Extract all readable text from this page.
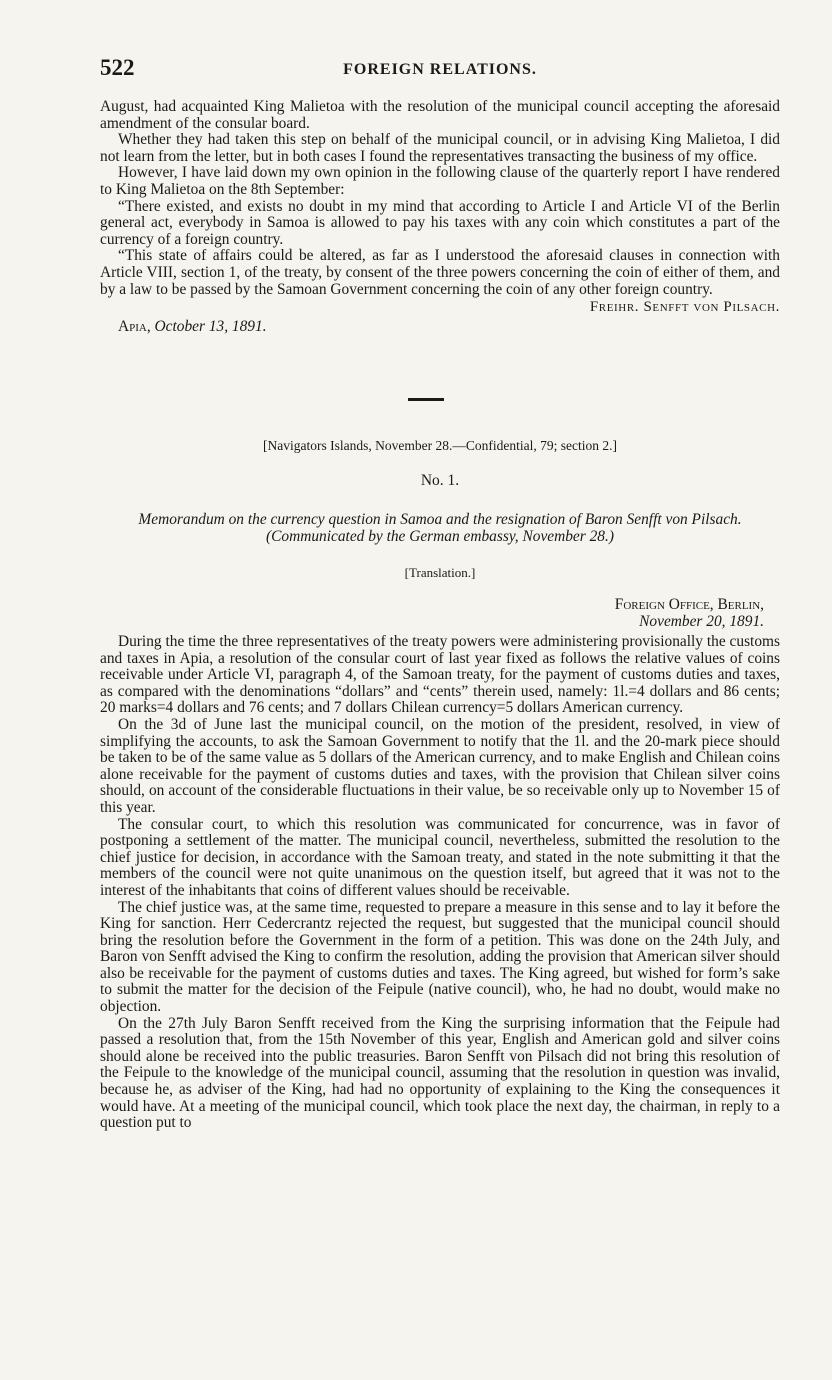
522	FOREIGN RELATIONS.

August, had acquainted King Malietoa with the resolution of the municipal council accepting the aforesaid amendment of the consular board.

Whether they had taken this step on behalf of the municipal council, or in advising King Malietoa, I did not learn from the letter, but in both cases I found the representatives transacting the business of my office.

However, I have laid down my own opinion in the following clause of the quarterly report I have rendered to King Malietoa on the 8th September:

“There existed, and exists no doubt in my mind that according to Article I and Article VI of the Berlin general act, everybody in Samoa is allowed to pay his taxes with any coin which constitutes a part of the currency of a foreign country.

“This state of affairs could be altered, as far as I understood the aforesaid clauses in connection with Article VIII, section 1, of the treaty, by consent of the three powers concerning the coin of either of them, and by a law to be passed by the Samoan Government concerning the coin of any other foreign country.

Freihr. Senfft von Pilsach.
Apia, October 13, 1891.
[Navigators Islands, November 28.—Confidential, 79; section 2.]
No. 1.
Memorandum on the currency question in Samoa and the resignation of Baron Senfft von Pilsach. (Communicated by the German embassy, November 28.)
[Translation.]
Foreign Office, Berlin,
November 20, 1891.

During the time the three representatives of the treaty powers were administering provisionally the customs and taxes in Apia, a resolution of the consular court of last year fixed as follows the relative values of coins receivable under Article VI, paragraph 4, of the Samoan treaty, for the payment of customs duties and taxes, as compared with the denominations “dollars” and “cents” therein used, namely: 1l.=4 dollars and 86 cents; 20 marks=4 dollars and 76 cents; and 7 dollars Chilean currency=5 dollars American currency.

On the 3d of June last the municipal council, on the motion of the president, resolved, in view of simplifying the accounts, to ask the Samoan Government to notify that the 1l. and the 20-mark piece should be taken to be of the same value as 5 dollars of the American currency, and to make English and Chilean coins alone receivable for the payment of customs duties and taxes, with the provision that Chilean silver coins should, on account of the considerable fluctuations in their value, be so receivable only up to November 15 of this year.

The consular court, to which this resolution was communicated for concurrence, was in favor of postponing a settlement of the matter. The municipal council, nevertheless, submitted the resolution to the chief justice for decision, in accordance with the Samoan treaty, and stated in the note submitting it that the members of the council were not quite unanimous on the question itself, but agreed that it was not to the interest of the inhabitants that coins of different values should be receivable.

The chief justice was, at the same time, requested to prepare a measure in this sense and to lay it before the King for sanction. Herr Cedercrantz rejected the request, but suggested that the municipal council should bring the resolution before the Government in the form of a petition. This was done on the 24th July, and Baron von Senfft advised the King to confirm the resolution, adding the provision that American silver should also be receivable for the payment of customs duties and taxes. The King agreed, but wished for form’s sake to submit the matter for the decision of the Feipule (native council), who, he had no doubt, would make no objection.

On the 27th July Baron Senfft received from the King the surprising information that the Feipule had passed a resolution that, from the 15th November of this year, English and American gold and silver coins should alone be received into the public treasuries. Baron Senfft von Pilsach did not bring this resolution of the Feipule to the knowledge of the municipal council, assuming that the resolution in question was invalid, because he, as adviser of the King, had had no opportunity of explaining to the King the consequences it would have. At a meeting of the municipal council, which took place the next day, the chairman, in reply to a question put to
